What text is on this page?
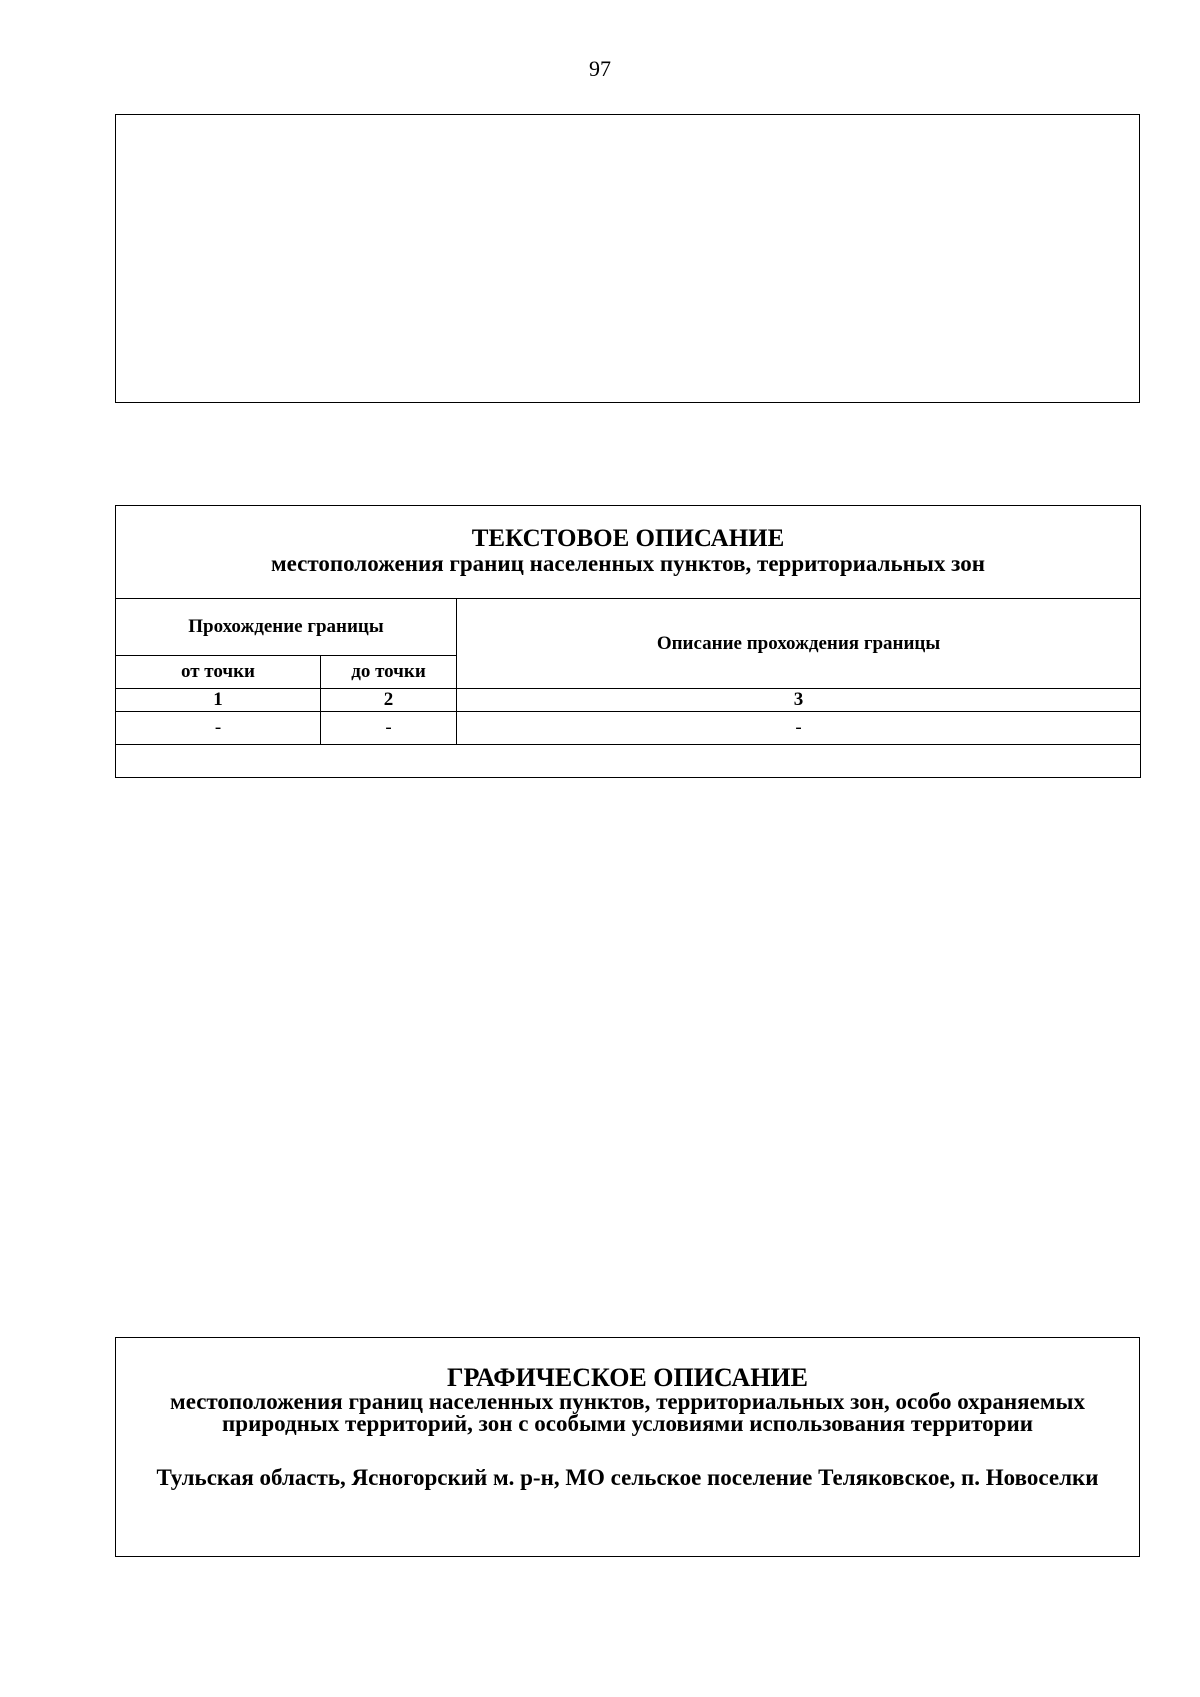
97
ТЕКСТОВОЕ ОПИСАНИЕ
местоположения границ населенных пунктов, территориальных зон		

Прохождение границы		Описание прохождения границы
от точки	до точки	
1	2	3
-	-	-

ГРАФИЧЕСКОЕ ОПИСАНИЕ
местоположения границ населенных пунктов, территориальных зон, особо охраняемых природных территорий, зон с особыми условиями использования территории
Тульская область, Ясногорский м. р-н, МО сельское поселение Теляковское, п. Новоселки
